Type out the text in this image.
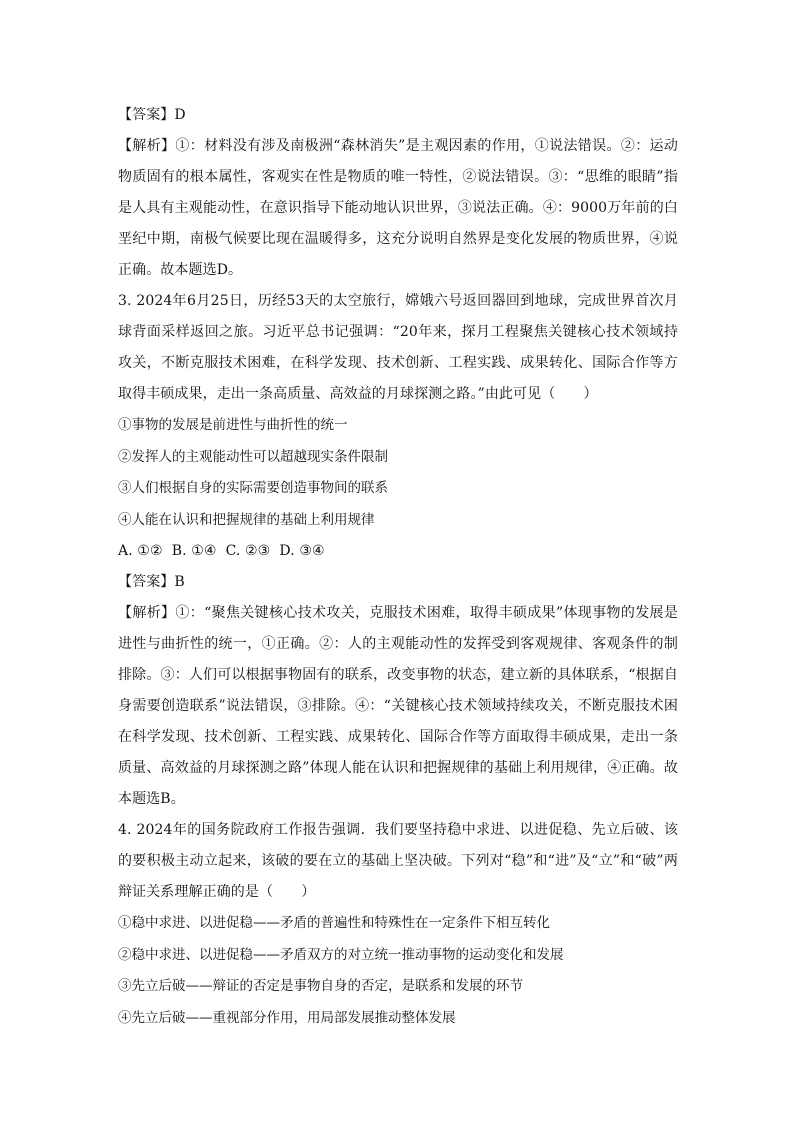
【答案】D
【解析】①：材料没有涉及南极洲“森林消失”是主观因素的作用，①说法错误。②：运动
物质固有的根本属性，客观实在性是物质的唯一特性，②说法错误。③：“思维的眼睛”指
是人具有主观能动性，在意识指导下能动地认识世界，③说法正确。④：9000万年前的白
垩纪中期，南极气候要比现在温暖得多，这充分说明自然界是变化发展的物质世界，④说
正确。故本题选D。
3. 2024年6月25日，历经53天的太空旅行，嫦娥六号返回器回到地球，完成世界首次月
球背面采样返回之旅。习近平总书记强调：“20年来，探月工程聚焦关键核心技术领域持
攻关，不断克服技术困难，在科学发现、技术创新、工程实践、成果转化、国际合作等方
取得丰硕成果，走出一条高质量、高效益的月球探测之路。”由此可见（　　）
①事物的发展是前进性与曲折性的统一
②发挥人的主观能动性可以超越现实条件限制
③人们根据自身的实际需要创造事物间的联系
④人能在认识和把握规律的基础上利用规律
A. ①②  B. ①④  C. ②③  D. ③④
【答案】B
【解析】①：“聚焦关键核心技术攻关，克服技术困难，取得丰硕成果”体现事物的发展是
进性与曲折性的统一，①正确。②：人的主观能动性的发挥受到客观规律、客观条件的制
排除。③：人们可以根据事物固有的联系，改变事物的状态，建立新的具体联系，“根据自
身需要创造联系”说法错误，③排除。④：“关键核心技术领域持续攻关，不断克服技术困
在科学发现、技术创新、工程实践、成果转化、国际合作等方面取得丰硕成果，走出一条
质量、高效益的月球探测之路”体现人能在认识和把握规律的基础上利用规律，④正确。故
本题选B。
4. 2024年的国务院政府工作报告强调．我们要坚持稳中求进、以进促稳、先立后破、该
的要积极主动立起来，该破的要在立的基础上坚决破。下列对“稳”和“进”及“立”和“破”两
辩证关系理解正确的是（　　）
①稳中求进、以进促稳——矛盾的普遍性和特殊性在一定条件下相互转化
②稳中求进、以进促稳——矛盾双方的对立统一推动事物的运动变化和发展
③先立后破——辩证的否定是事物自身的否定，是联系和发展的环节
④先立后破——重视部分作用，用局部发展推动整体发展
